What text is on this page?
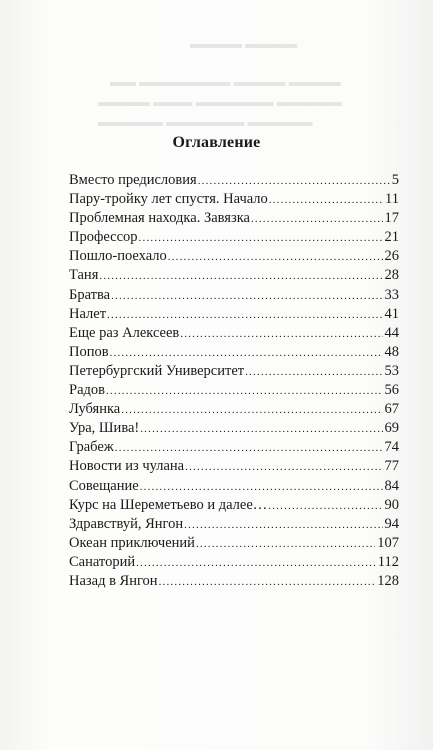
▬▬▬▬ ▬▬▬▬
▬▬ ▬▬▬▬▬▬▬ ▬▬▬▬ ▬▬▬▬
▬▬▬▬ ▬▬▬ ▬▬▬▬▬▬ ▬▬▬▬▬
▬▬▬▬▬ ▬▬▬▬▬▬ ▬▬▬▬▬
Оглавление
Вместо предисловия .....	5
Пару-тройку лет спустя. Начало .....	11
Проблемная находка. Завязка .....	17
Профессор .....	21
Пошло-поехало .....	26
Таня .....	28
Братва .....	33
Налет .....	41
Еще раз Алексеев .....	44
Попов .....	48
Петербургский Университет .....	53
Радов .....	56
Лубянка .....	67
Ура, Шива! .....	69
Грабеж .....	74
Новости из чулана .....	77
Совещание .....	84
Курс на Шереметьево и далее… .....	90
Здравствуй, Янгон .....	94
Океан приключений .....	107
Санаторий .....	112
Назад в Янгон .....	128
